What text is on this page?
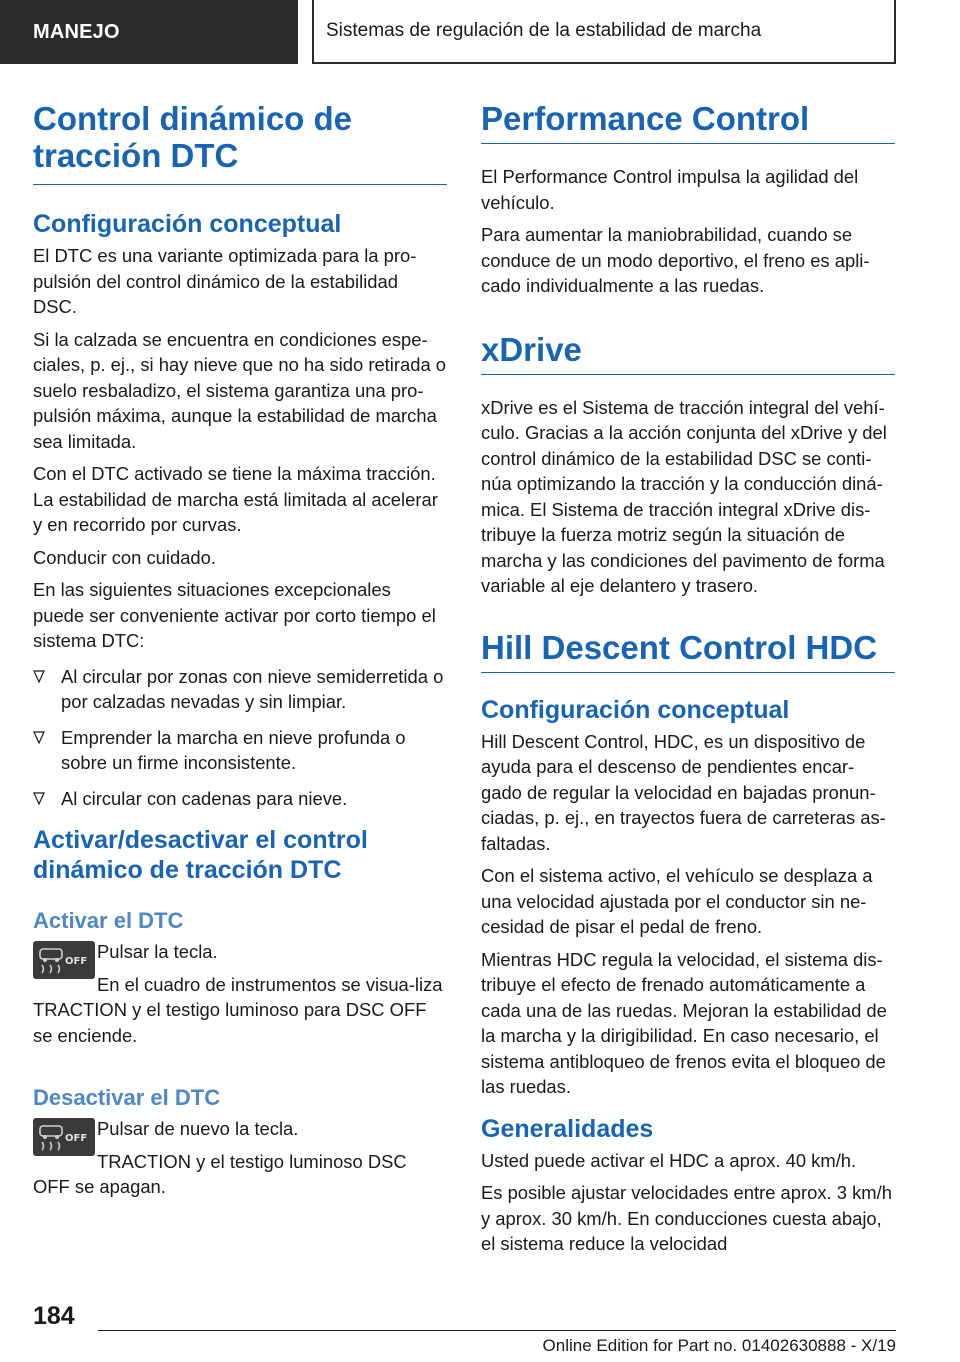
MANEJO	Sistemas de regulación de la estabilidad de marcha
Control dinámico de tracción DTC
Configuración conceptual

El DTC es una variante optimizada para la pro-pulsión del control dinámico de la estabilidad DSC.

Si la calzada se encuentra en condiciones espe-ciales, p. ej., si hay nieve que no ha sido retirada o suelo resbaladizo, el sistema garantiza una pro-pulsión máxima, aunque la estabilidad de marcha sea limitada.

Con el DTC activado se tiene la máxima tracción. La estabilidad de marcha está limitada al acelerar y en recorrido por curvas.

Conducir con cuidado.

En las siguientes situaciones excepcionales puede ser conveniente activar por corto tiempo el sistema DTC:

Al circular por zonas con nieve semiderretida o por calzadas nevadas y sin limpiar.
Emprender la marcha en nieve profunda o sobre un firme inconsistente.
Al circular con cadenas para nieve.
Activar/desactivar el control dinámico de tracción DTC
Activar el DTC
OFF Pulsar la tecla.

En el cuadro de instrumentos se visua-liza TRACTION y el testigo luminoso para DSC OFF se enciende.

Desactivar el DTC
OFF Pulsar de nuevo la tecla.

TRACTION y el testigo luminoso DSC OFF se apagan.

Performance Control

El Performance Control impulsa la agilidad del vehículo.

Para aumentar la maniobrabilidad, cuando se conduce de un modo deportivo, el freno es apli-cado individualmente a las ruedas.

xDrive

xDrive es el Sistema de tracción integral del vehí-culo. Gracias a la acción conjunta del xDrive y del control dinámico de la estabilidad DSC se conti-núa optimizando la tracción y la conducción diná-mica. El Sistema de tracción integral xDrive dis-tribuye la fuerza motriz según la situación de marcha y las condiciones del pavimento de forma variable al eje delantero y trasero.

Hill Descent Control HDC
Configuración conceptual

Hill Descent Control, HDC, es un dispositivo de ayuda para el descenso de pendientes encar-gado de regular la velocidad en bajadas pronun-ciadas, p. ej., en trayectos fuera de carreteras as-faltadas.

Con el sistema activo, el vehículo se desplaza a una velocidad ajustada por el conductor sin ne-cesidad de pisar el pedal de freno.

Mientras HDC regula la velocidad, el sistema dis-tribuye el efecto de frenado automáticamente a cada una de las ruedas. Mejoran la estabilidad de la marcha y la dirigibilidad. En caso necesario, el sistema antibloqueo de frenos evita el bloqueo de las ruedas.

Generalidades

Usted puede activar el HDC a aprox. 40 km/h.

Es posible ajustar velocidades entre aprox. 3 km/h y aprox. 30 km/h. En conducciones cuesta abajo, el sistema reduce la velocidad

184
Online Edition for Part no. 01402630888 - X/19
